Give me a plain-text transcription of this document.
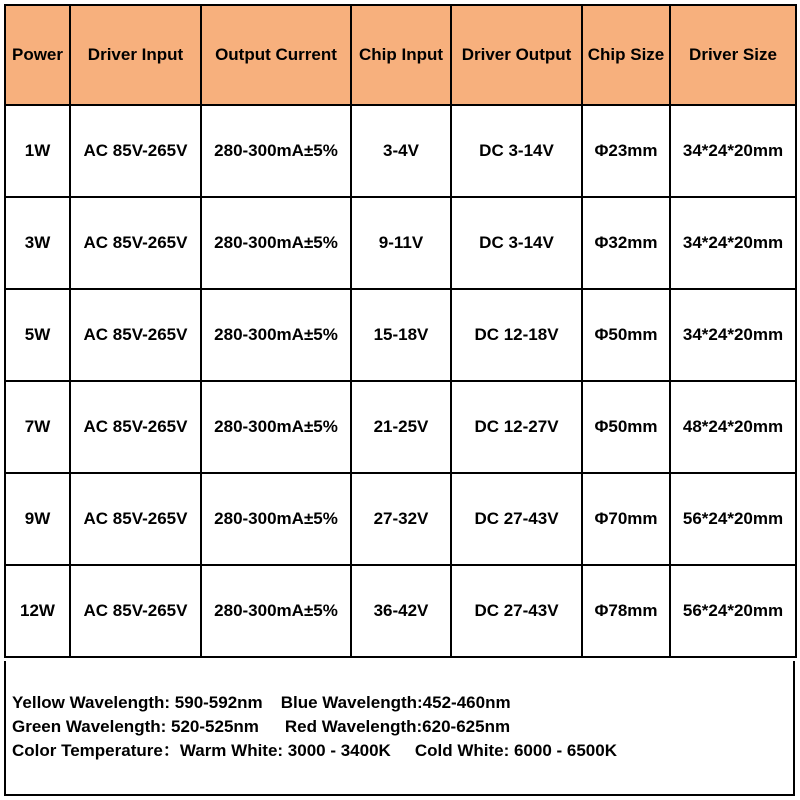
Power	Driver Input	Output Current	Chip Input	Driver Output	Chip Size	Driver Size
1W	AC 85V-265V	280-300mA±5%	3-4V	DC 3-14V	Φ23mm	34*24*20mm
3W	AC 85V-265V	280-300mA±5%	9-11V	DC 3-14V	Φ32mm	34*24*20mm
5W	AC 85V-265V	280-300mA±5%	15-18V	DC 12-18V	Φ50mm	34*24*20mm
7W	AC 85V-265V	280-300mA±5%	21-25V	DC 12-27V	Φ50mm	48*24*20mm
9W	AC 85V-265V	280-300mA±5%	27-32V	DC 27-43V	Φ70mm	56*24*20mm
12W	AC 85V-265V	280-300mA±5%	36-42V	DC 27-43V	Φ78mm	56*24*20mm
Yellow Wavelength: 590-592nm Blue Wavelength:452-460nm
Green Wavelength: 520-525nm Red Wavelength:620-625nm
Color Temperature：Warm White: 3000 - 3400K Cold White: 6000 - 6500K
